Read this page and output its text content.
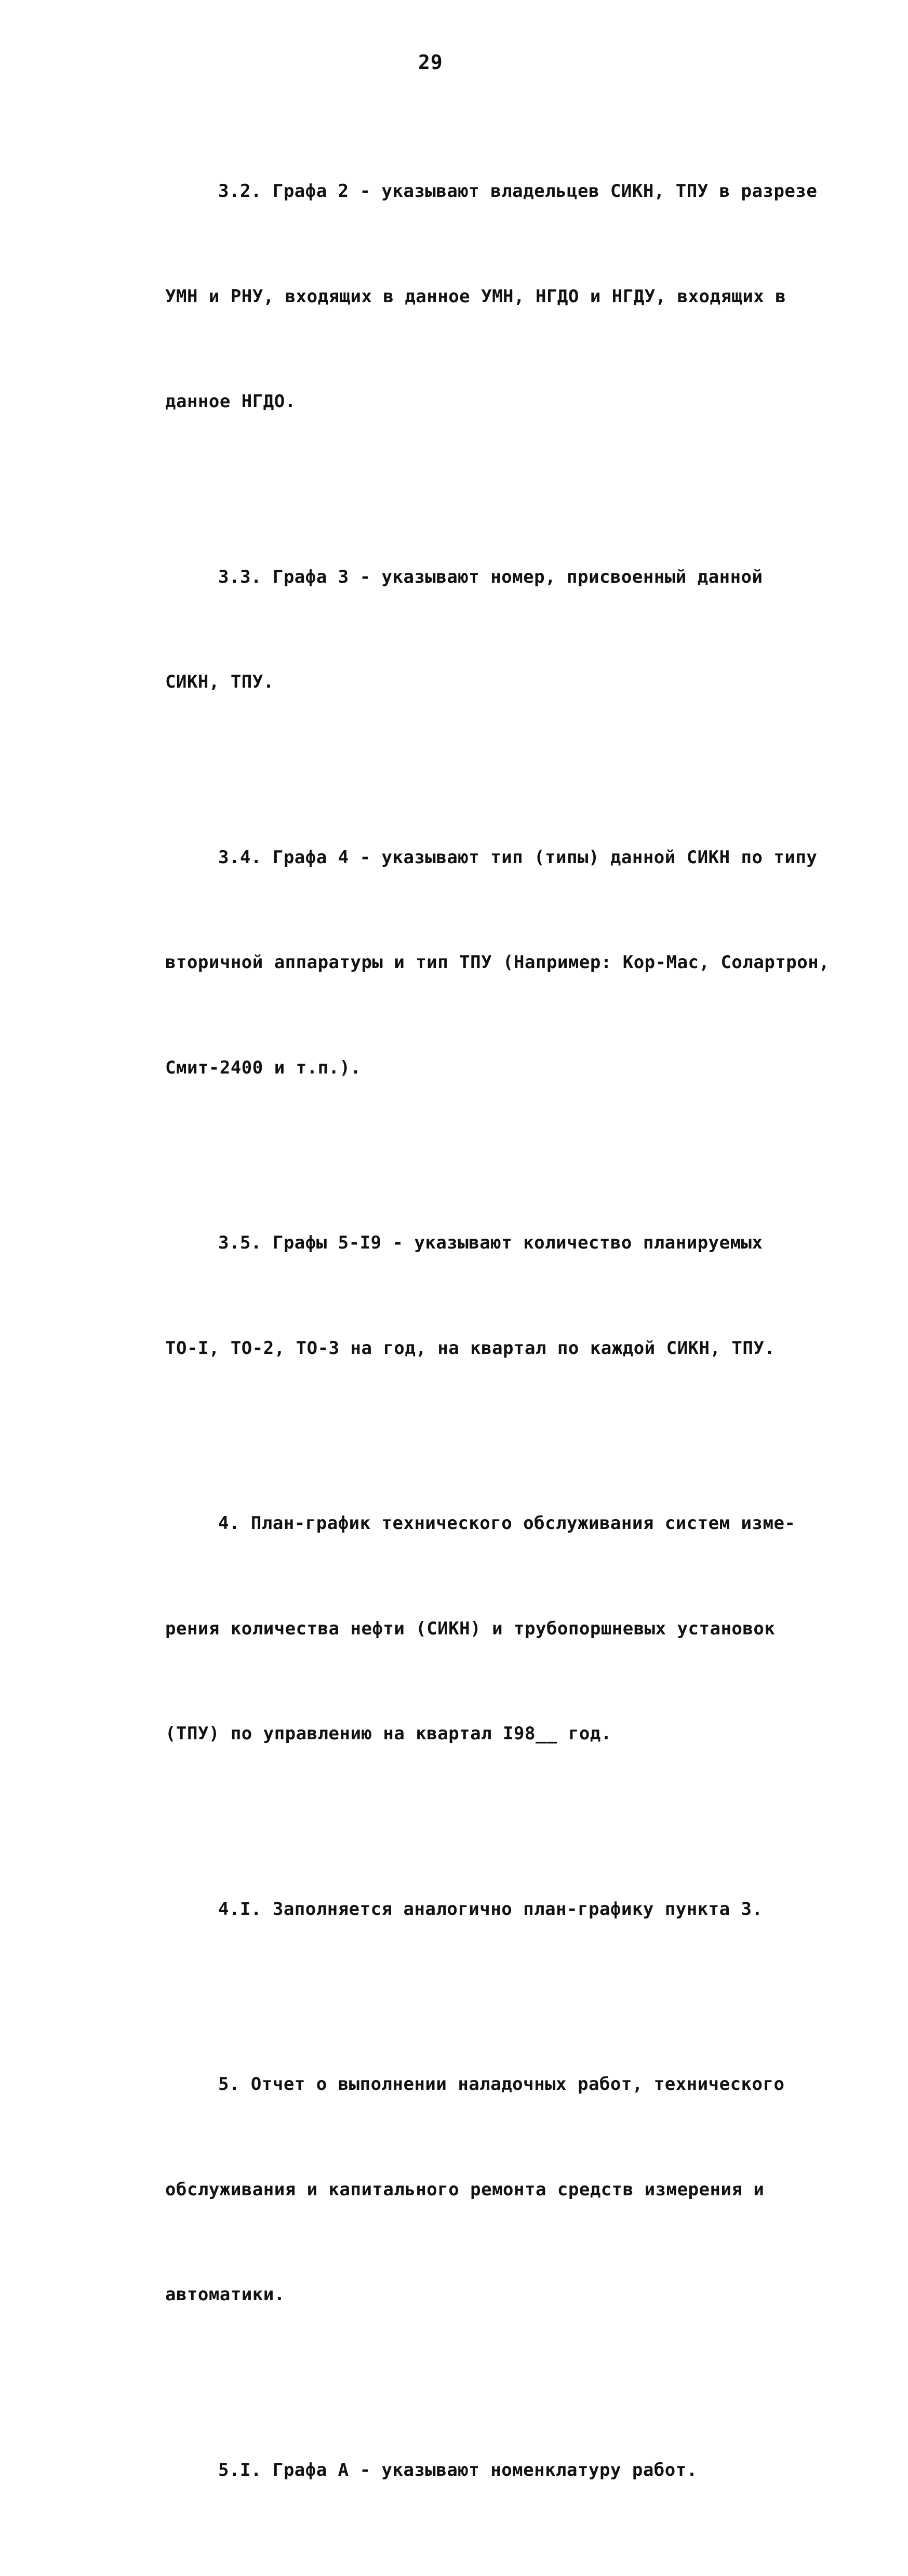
29

3.2. Графа 2 - указывают владельцев СИКН, ТПУ в разрезе

УМН и РНУ, входящих в данное УМН, НГДО и НГДУ, входящих в

данное НГДО.

3.3. Графа 3 - указывают номер, присвоенный данной

СИКН, ТПУ.

3.4. Графа 4 - указывают тип (типы) данной СИКН по типу

вторичной аппаратуры и тип ТПУ (Например: Кор-Мас, Солартрон,

Смит-2400 и т.п.).

3.5. Графы 5-I9 - указывают количество планируемых

ТО-I, ТО-2, ТО-3 на год, на квартал по каждой СИКН, ТПУ.

4. План-график технического обслуживания систем изме-

рения количества нефти (СИКН) и трубопоршневых установок

(ТПУ) по управлению на квартал I98__ год.

4.I. Заполняется аналогично план-графику пункта 3.

5. Отчет о выполнении наладочных работ, технического

обслуживания и капитального ремонта средств измерения и

автоматики.

5.I. Графа А - указывают номенклатуру работ.
